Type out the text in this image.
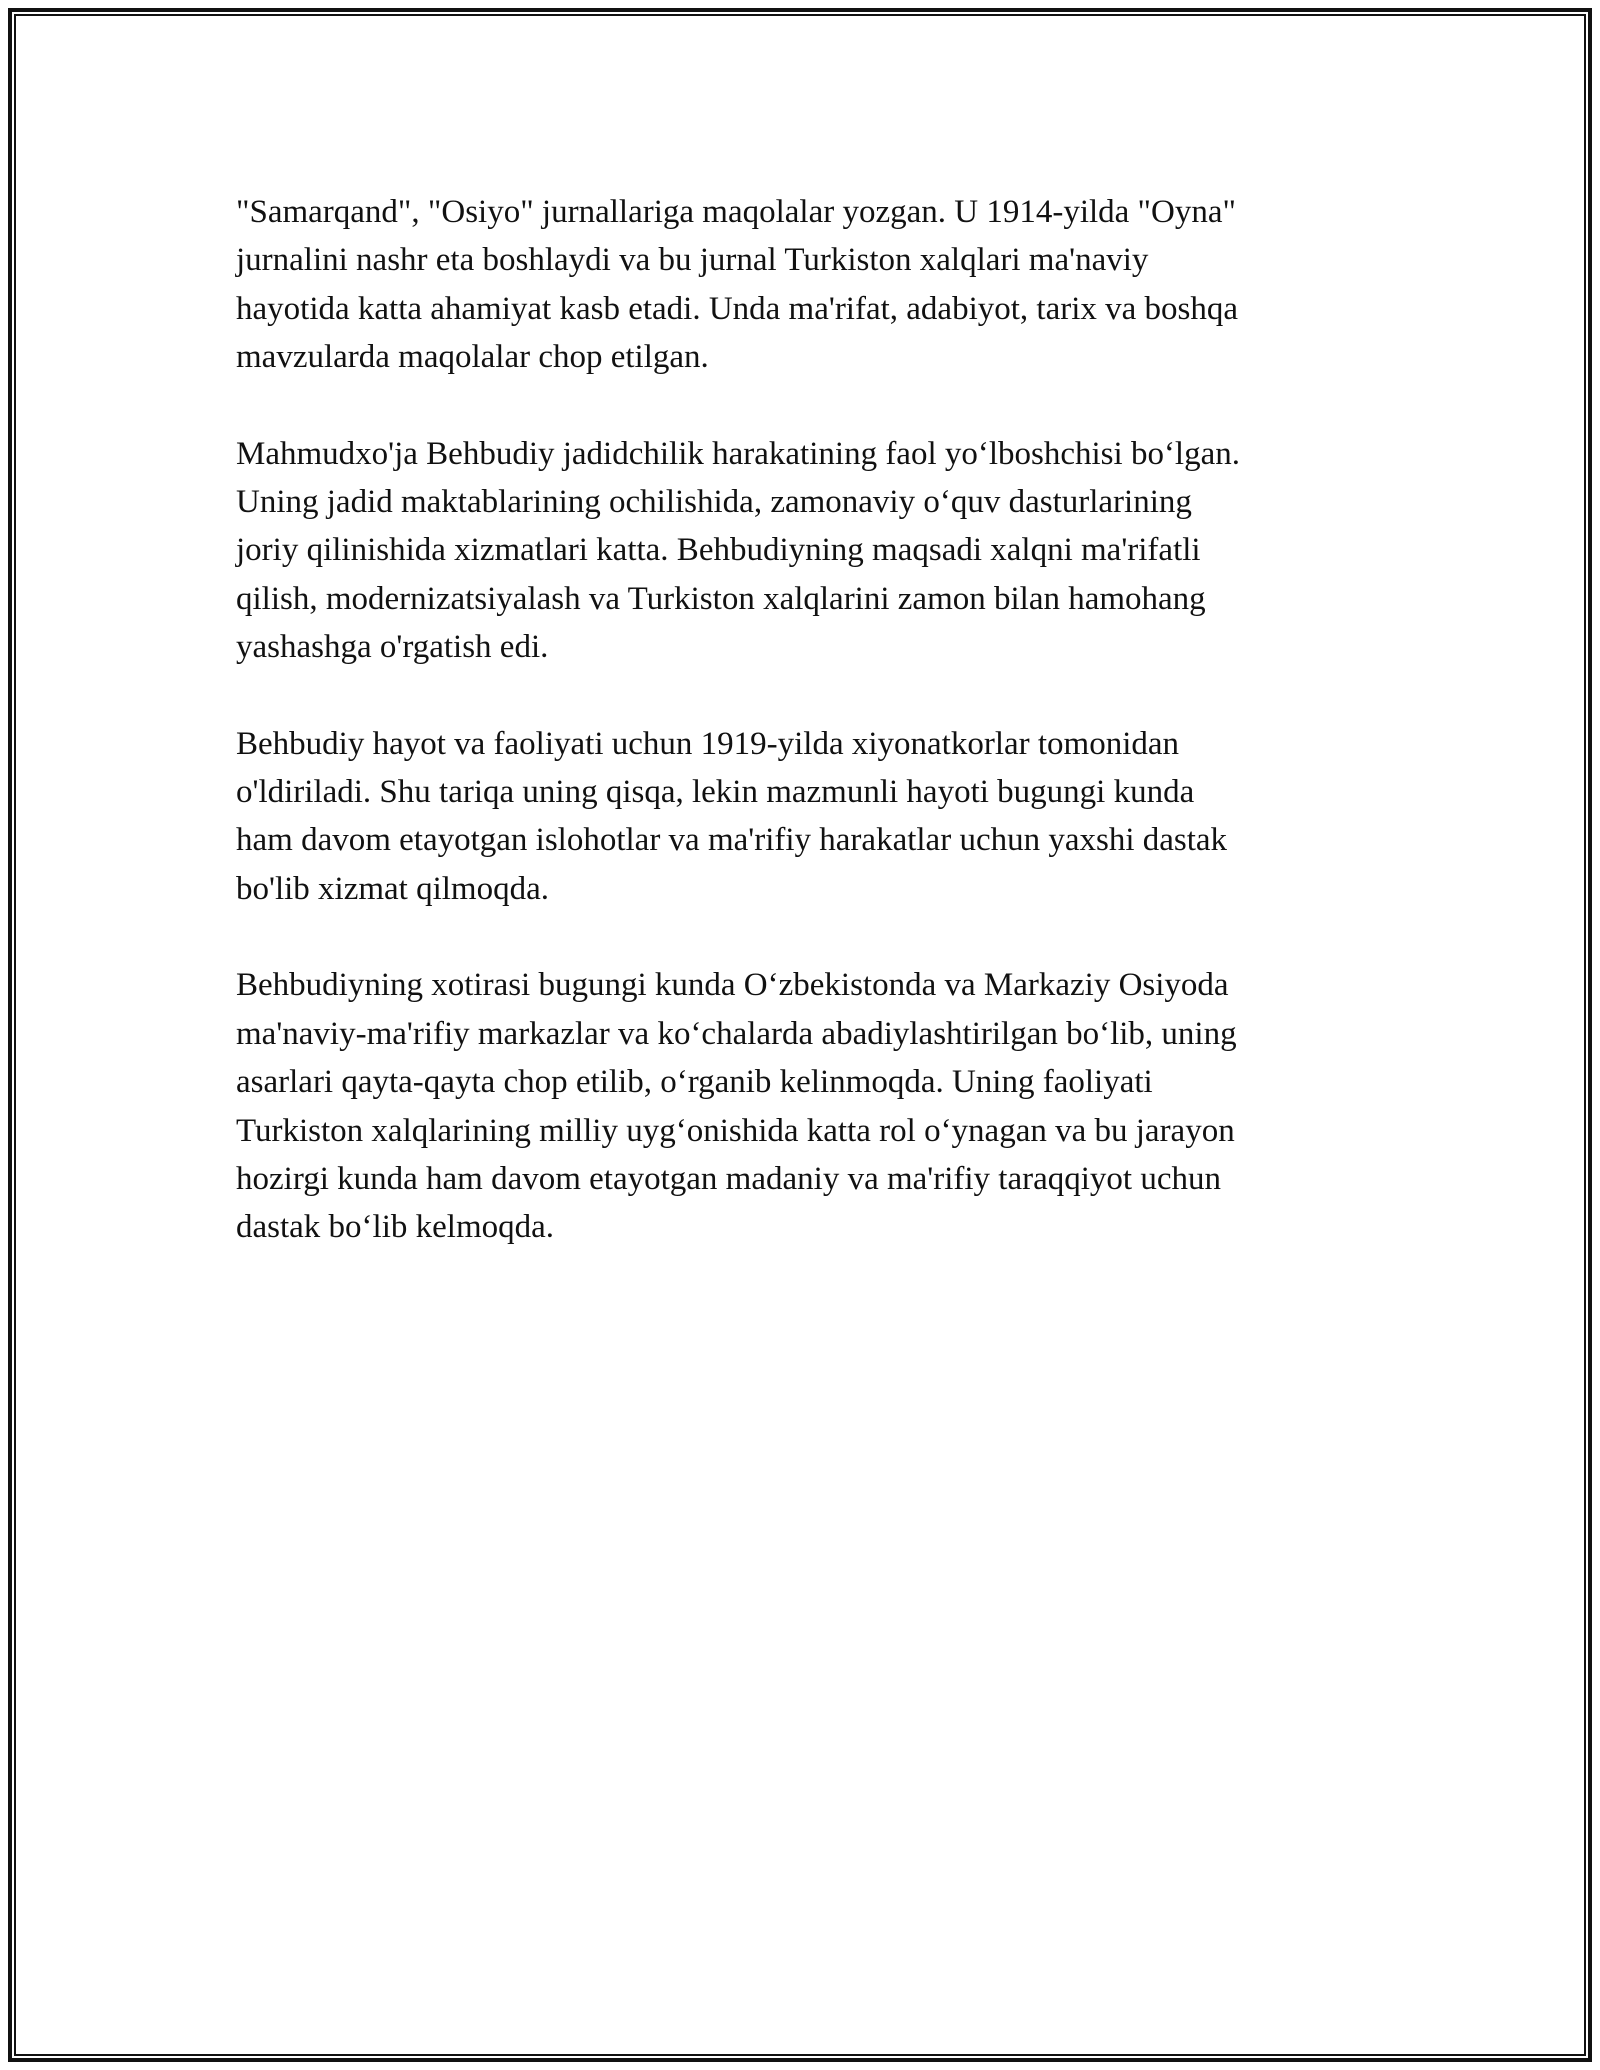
"Samarqand", "Osiyo" jurnallariga maqolalar yozgan. U 1914-yilda "Oyna"
jurnalini nashr eta boshlaydi va bu jurnal Turkiston xalqlari ma'naviy
hayotida katta ahamiyat kasb etadi. Unda ma'rifat, adabiyot, tarix va boshqa
mavzularda maqolalar chop etilgan.

Mahmudxo'ja Behbudiy jadidchilik harakatining faol yo‘lboshchisi bo‘lgan.
Uning jadid maktablarining ochilishida, zamonaviy o‘quv dasturlarining
joriy qilinishida xizmatlari katta. Behbudiyning maqsadi xalqni ma'rifatli
qilish, modernizatsiyalash va Turkiston xalqlarini zamon bilan hamohang
yashashga o'rgatish edi.

Behbudiy hayot va faoliyati uchun 1919-yilda xiyonatkorlar tomonidan
o'ldiriladi. Shu tariqa uning qisqa, lekin mazmunli hayoti bugungi kunda
ham davom etayotgan islohotlar va ma'rifiy harakatlar uchun yaxshi dastak
bo'lib xizmat qilmoqda.

Behbudiyning xotirasi bugungi kunda O‘zbekistonda va Markaziy Osiyoda
ma'naviy-ma'rifiy markazlar va ko‘chalarda abadiylashtirilgan bo‘lib, uning
asarlari qayta-qayta chop etilib, o‘rganib kelinmoqda. Uning faoliyati
Turkiston xalqlarining milliy uyg‘onishida katta rol o‘ynagan va bu jarayon
hozirgi kunda ham davom etayotgan madaniy va ma'rifiy taraqqiyot uchun
dastak bo‘lib kelmoqda.
